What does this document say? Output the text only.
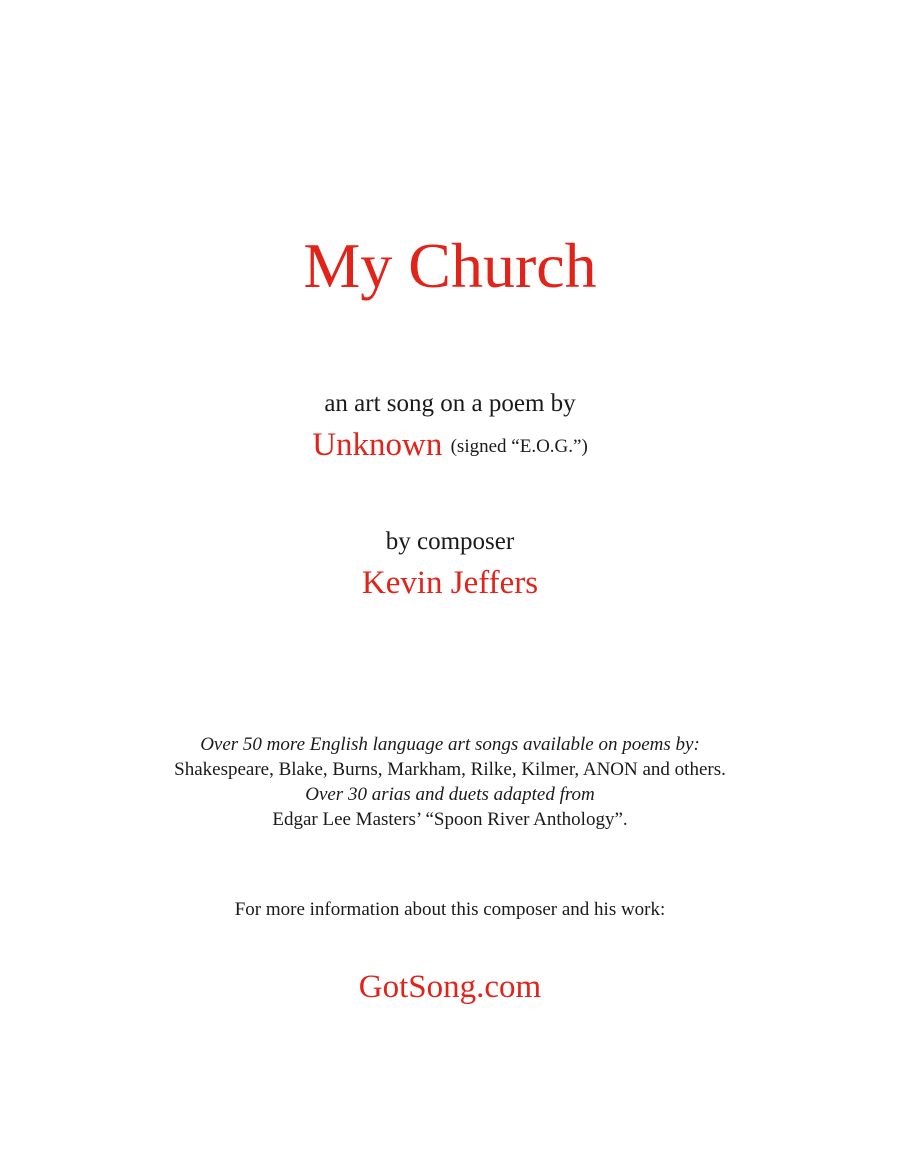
My Church
an art song on a poem by
Unknown (signed “E.O.G.”)
by composer
Kevin Jeffers
Over 50 more English language art songs available on poems by:
Shakespeare, Blake, Burns, Markham, Rilke, Kilmer, ANON and others.
Over 30 arias and duets adapted from
Edgar Lee Masters’ “Spoon River Anthology”.
For more information about this composer and his work:
GotSong.com
